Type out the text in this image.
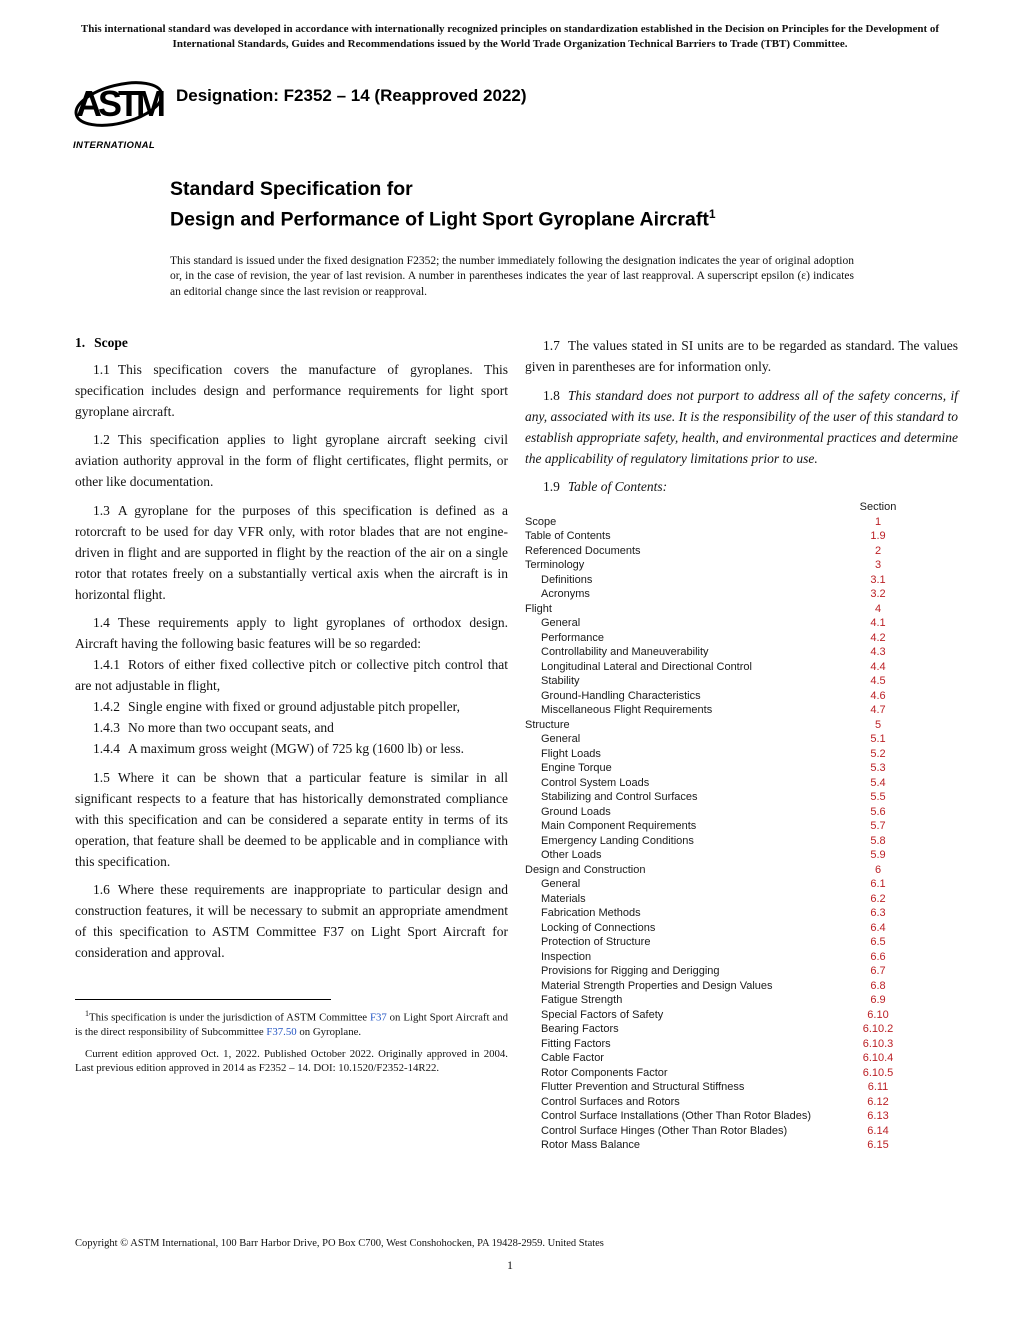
This international standard was developed in accordance with internationally recognized principles on standardization established in the Decision on Principles for the Development of International Standards, Guides and Recommendations issued by the World Trade Organization Technical Barriers to Trade (TBT) Committee.

ASTM
INTERNATIONAL
Designation: F2352 – 14 (Reapproved 2022)
Standard Specification for
Design and Performance of Light Sport Gyroplane Aircraft$^1$

This standard is issued under the fixed designation F2352; the number immediately following the designation indicates the year of original adoption or, in the case of revision, the year of last revision. A number in parentheses indicates the year of last reapproval. A superscript epsilon (ε) indicates an editorial change since the last revision or reapproval.

1. Scope

1.1 This specification covers the manufacture of gyroplanes. This specification includes design and performance requirements for light sport gyroplane aircraft.

1.2 This specification applies to light gyroplane aircraft seeking civil aviation authority approval in the form of flight certificates, flight permits, or other like documentation.

1.3 A gyroplane for the purposes of this specification is defined as a rotorcraft to be used for day VFR only, with rotor blades that are not engine-driven in flight and are supported in flight by the reaction of the air on a single rotor that rotates freely on a substantially vertical axis when the aircraft is in horizontal flight.

1.4 These requirements apply to light gyroplanes of orthodox design. Aircraft having the following basic features will be so regarded:

1.4.1 Rotors of either fixed collective pitch or collective pitch control that are not adjustable in flight,

1.4.2 Single engine with fixed or ground adjustable pitch propeller,

1.4.3 No more than two occupant seats, and

1.4.4 A maximum gross weight (MGW) of 725 kg (1600 lb) or less.

1.5 Where it can be shown that a particular feature is similar in all significant respects to a feature that has historically demonstrated compliance with this specification and can be considered a separate entity in terms of its operation, that feature shall be deemed to be applicable and in compliance with this specification.

1.6 Where these requirements are inappropriate to particular design and construction features, it will be necessary to submit an appropriate amendment of this specification to ASTM Committee F37 on Light Sport Aircraft for consideration and approval.

$^1$This specification is under the jurisdiction of ASTM Committee F37 on Light Sport Aircraft and is the direct responsibility of Subcommittee F37.50 on Gyroplane.

Current edition approved Oct. 1, 2022. Published October 2022. Originally approved in 2004. Last previous edition approved in 2014 as F2352 – 14. DOI: 10.1520/F2352-14R22.

1.7 The values stated in SI units are to be regarded as standard. The values given in parentheses are for information only.

1.8 This standard does not purport to address all of the safety concerns, if any, associated with its use. It is the responsibility of the user of this standard to establish appropriate safety, health, and environmental practices and determine the applicability of regulatory limitations prior to use.

1.9 Table of Contents:

Section
Scope	1
Table of Contents	1.9
Referenced Documents	2
Terminology	3
Definitions	3.1
Acronyms	3.2
Flight	4
General	4.1
Performance	4.2
Controllability and Maneuverability	4.3
Longitudinal Lateral and Directional Control	4.4
Stability	4.5
Ground-Handling Characteristics	4.6
Miscellaneous Flight Requirements	4.7
Structure	5
General	5.1
Flight Loads	5.2
Engine Torque	5.3
Control System Loads	5.4
Stabilizing and Control Surfaces	5.5
Ground Loads	5.6
Main Component Requirements	5.7
Emergency Landing Conditions	5.8
Other Loads	5.9
Design and Construction	6
General	6.1
Materials	6.2
Fabrication Methods	6.3
Locking of Connections	6.4
Protection of Structure	6.5
Inspection	6.6
Provisions for Rigging and Derigging	6.7
Material Strength Properties and Design Values	6.8
Fatigue Strength	6.9
Special Factors of Safety	6.10
Bearing Factors	6.10.2
Fitting Factors	6.10.3
Cable Factor	6.10.4
Rotor Components Factor	6.10.5
Flutter Prevention and Structural Stiffness	6.11
Control Surfaces and Rotors	6.12
Control Surface Installations (Other Than Rotor Blades)	6.13
Control Surface Hinges (Other Than Rotor Blades)	6.14
Rotor Mass Balance	6.15
Copyright © ASTM International, 100 Barr Harbor Drive, PO Box C700, West Conshohocken, PA 19428-2959. United States
1
